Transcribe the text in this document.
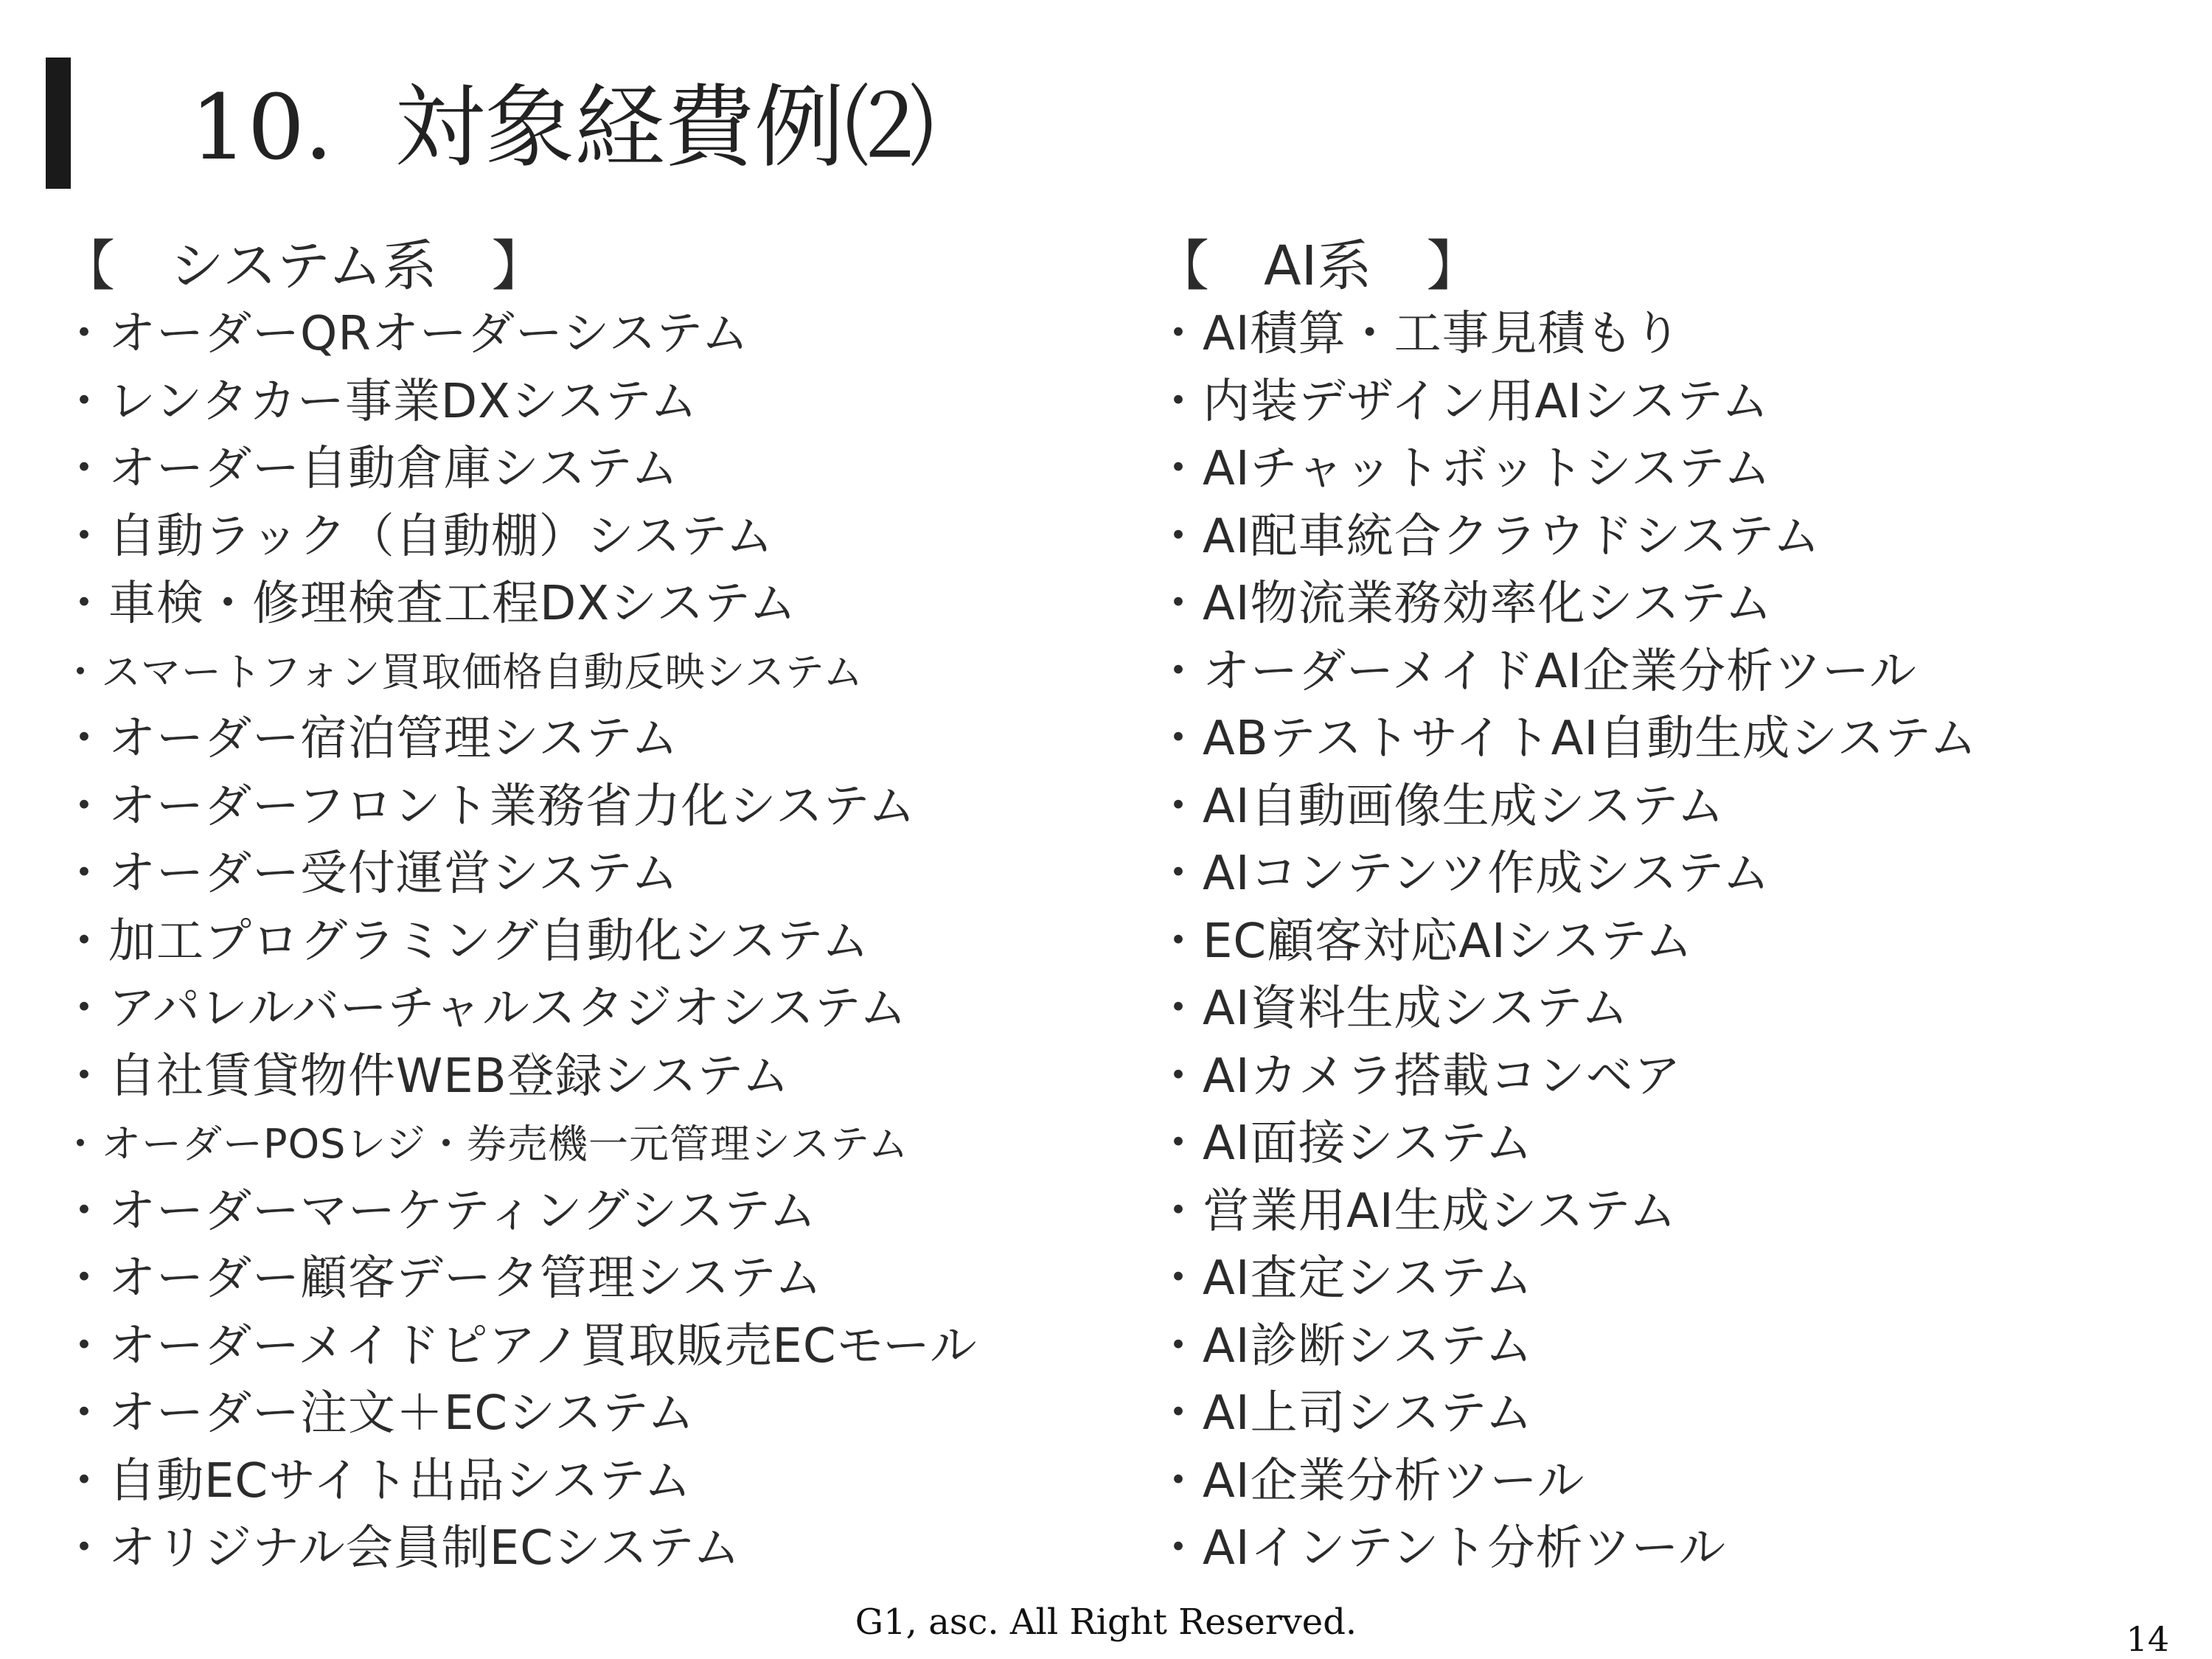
10．対象経費例⑵
【　システム系　】
・オーダーQRオーダーシステム
・レンタカー事業DXシステム
・オーダー自動倉庫システム
・自動ラック（自動棚）システム
・車検・修理検査工程DXシステム
・スマートフォン買取価格自動反映システム
・オーダー宿泊管理システム
・オーダーフロント業務省力化システム
・オーダー受付運営システム
・加工プログラミング自動化システム
・アパレルバーチャルスタジオシステム
・自社賃貸物件WEB登録システム
・オーダーPOSレジ・券売機一元管理システム
・オーダーマーケティングシステム
・オーダー顧客データ管理システム
・オーダーメイドピアノ買取販売ECモール
・オーダー注文＋ECシステム
・自動ECサイト出品システム
・オリジナル会員制ECシステム
【　AI系　】
・AI積算・工事見積もり
・内装デザイン用AIシステム
・AIチャットボットシステム
・AI配車統合クラウドシステム
・AI物流業務効率化システム
・オーダーメイドAI企業分析ツール
・ABテストサイトAI自動生成システム
・AI自動画像生成システム
・AIコンテンツ作成システム
・EC顧客対応AIシステム
・AI資料生成システム
・AIカメラ搭載コンベア
・AI面接システム
・営業用AI生成システム
・AI査定システム
・AI診断システム
・AI上司システム
・AI企業分析ツール
・AIインテント分析ツール
G1, asc. All Right Reserved.	14
